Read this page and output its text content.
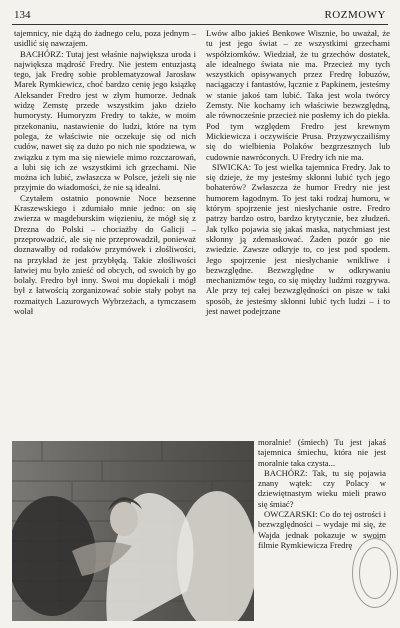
134	ROZMOWY

tajemnicy, nie dążą do żadnego celu, poza jednym – usidlić się nawzajem.

BACHÓRZ: Tutaj jest właśnie największa uroda i największa mądrość Fredry. Nie jestem entuzjastą tego, jak Fredrę sobie problematyzował Jarosław Marek Rymkiewicz, choć bardzo cenię jego książkę Aleksander Fredro jest w złym humorze. Jednak widzę Zemstę przede wszystkim jako dzieło humorysty. Humoryzm Fredry to także, w moim przekonaniu, nastawienie do ludzi, które na tym polega, że właściwie nie oczekuje się od nich cudów, nawet się za dużo po nich nie spodziewa, w związku z tym ma się niewiele mimo rozczarowań, a lubi się ich ze wszystkimi ich grzechami. Nie można ich lubić, zwłaszcza w Polsce, jeżeli się nie przyjmie do wiadomości, że nie są idealni.

Czytałem ostatnio ponownie Noce bezsenne Kraszewskiego i zdumiało mnie jedno: on się zwierza w magdeburskim więzieniu, że mógł się z Drezna do Polski – chociażby do Galicji – przeprowadzić, ale się nie przeprowadził, ponieważ doznawałby od rodaków przymówek i złośliwości, na przykład że jest przybłędą. Takie złośliwości łatwiej mu było znieść od obcych, od swoich by go bolały. Fredro był inny. Swoi mu dopiekali i mógł był z łatwością zorganizować sobie stały pobyt na rozmaitych Lazurowych Wybrzeżach, a tymczasem wolał

Lwów albo jakieś Benkowe Wisznie, bo uważał, że tu jest jego świat – ze wszystkimi grzechami współziomków. Wiedział, że tu grzechów dostatek, ale idealnego świata nie ma. Przecież my tych wszystkich opisywanych przez Fredrę łobuzów, naciągaczy i fantastów, łącznie z Papkinem, jesteśmy w stanie jakoś tam lubić. Taka jest wola twórcy Zemsty. Nie kochamy ich właściwie bezwzględną, ale równocześnie przecież nie posłemy ich do piekła. Pod tym względem Fredro jest krewnym Mickiewicza i oczywiście Prusa. Przyzwyczailiśmy się do wielbienia Polaków bezgrzesznych lub cudownie nawróconych. U Fredry ich nie ma.

SIWICKA: To jest wielka tajemnica Fredry. Jak to się dzieje, że my jesteśmy skłonni lubić tych jego bohaterów? Zwłaszcza że humor Fredry nie jest humorem łagodnym. To jest taki rodzaj humoru, w którym spojrzenie jest niesłychanie ostre. Fredro patrzy bardzo ostro, bardzo krytycznie, bez złudzeń. Jak tylko pojawia się jakaś maska, natychmiast jest skłonny ją zdemaskować. Żaden pozór go nie zwiedzie. Zawsze odkryje to, co jest pod spodem. Jego spojrzenie jest niesłychanie wnikliwe i bezwzględne. Bezwzględne w odkrywaniu mechanizmów tego, co się między ludźmi rozgrywa. Ale przy tej całej bezwzględności on pisze w taki sposób, że jesteśmy skłonni lubić tych ludzi – i to jest nawet podejrzane

moralnie! (śmiech) Tu jest jakaś tajemnica śmiechu, która nie jest moralnie taka czysta...

BACHÓRZ: Tak, tu się pojawia znany wątek: czy Polacy w dziewiętnastym wieku mieli prawo się śmiać?

OWCZARSKI: Co do tej ostrości i bezwzględności – wydaje mi się, że Wajda jednak pokazuje w swoim filmie Rymkiewicza Fredrę
